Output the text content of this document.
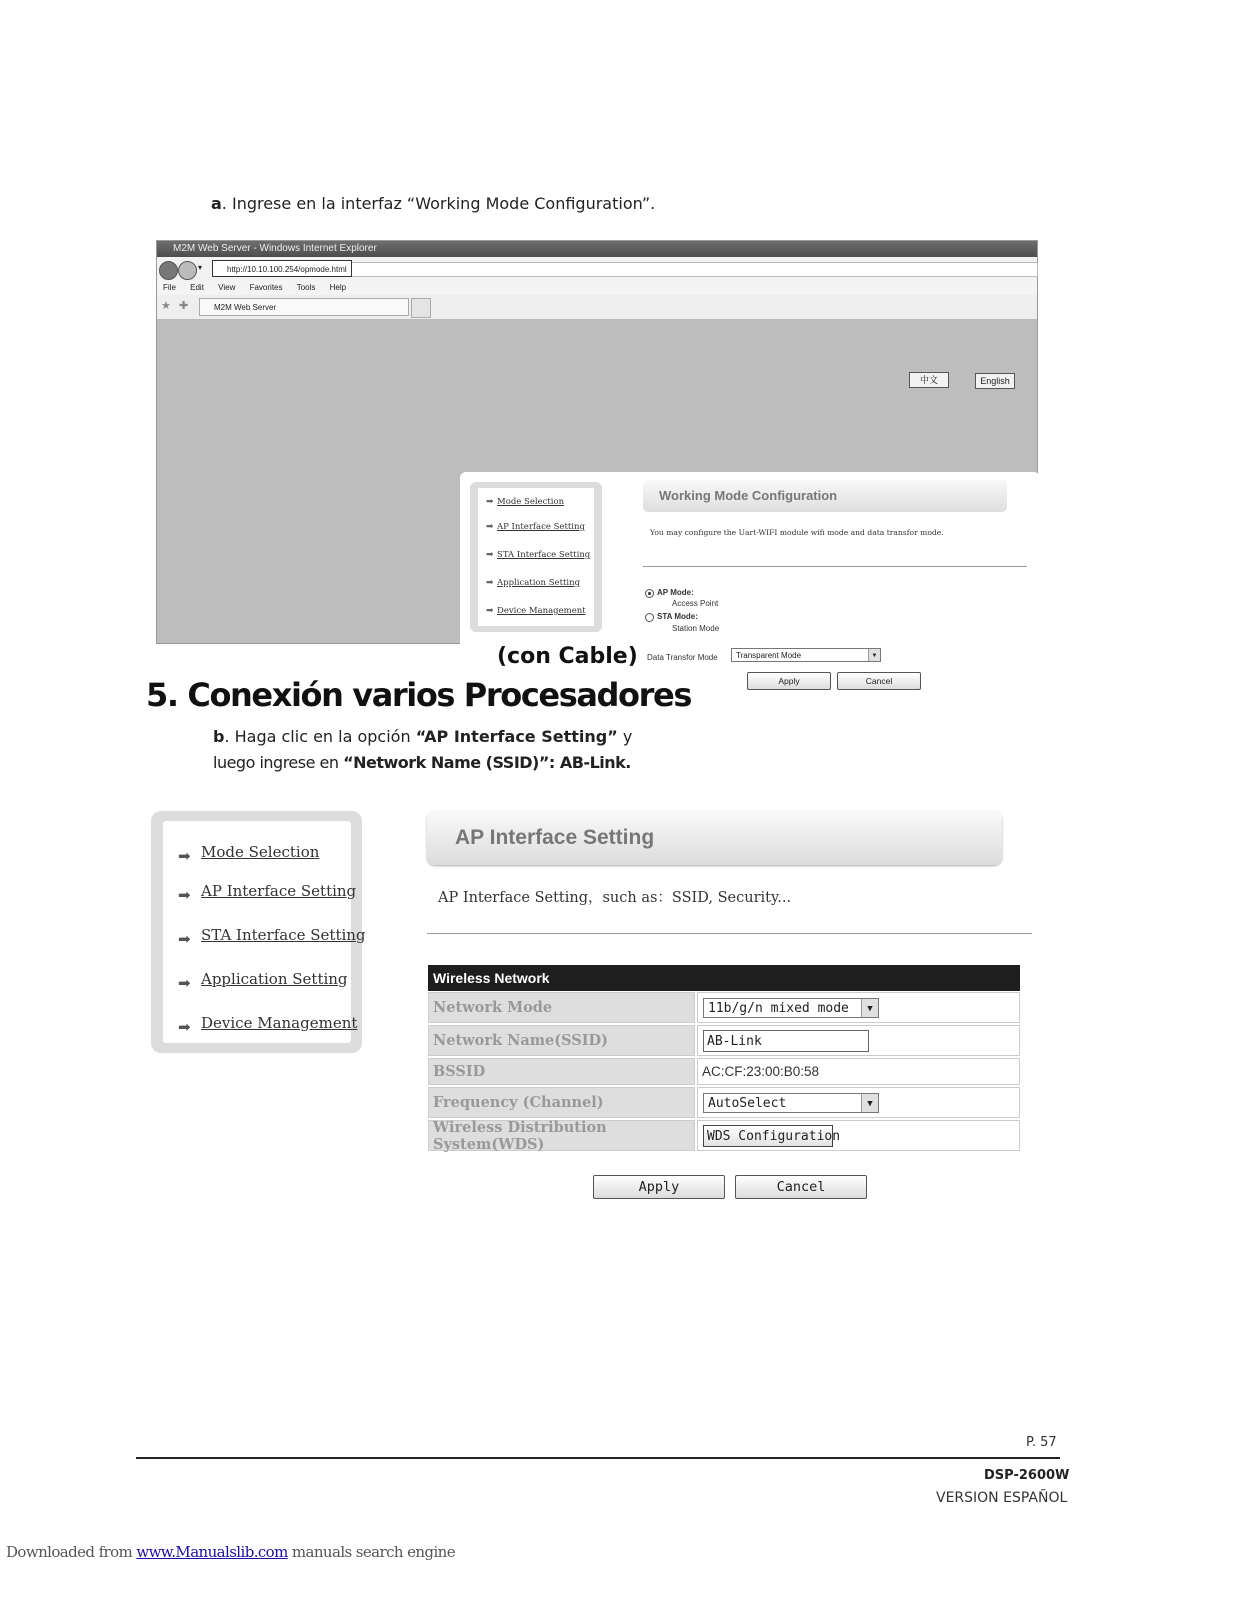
a. Ingrese en la interfaz “Working Mode Configuration”.
M2M Web Server - Windows Internet Explorer
▾	http://10.10.100.254/opmode.html
File Edit View Favorites Tools Help
★ ✚	M2M Web Server
中文	English
➡ Mode Selection
➡ AP Interface Setting
➡ STA Interface Setting
➡ Application Setting
➡ Device Management
Working Mode Configuration
You may configure the Uart-WIFI module wifi mode and data transfor mode.
AP Mode:
Access Point
STA Mode:
Station Mode
Data Transfor Mode	Transparent Mode	▼
Apply	Cancel
(con Cable)
5. Conexión varios Procesadores
b. Haga clic en la opción “AP Interface Setting” y
luego ingrese en “Network Name (SSID)”: AB-Link.
➡ Mode Selection
➡ AP Interface Setting
➡ STA Interface Setting
➡ Application Setting
➡ Device Management
AP Interface Setting
AP Interface Setting，such as：SSID, Security...
Wireless Network
Network Mode	11b/g/n mixed mode	▼
Network Name(SSID)	AB-Link
BSSID	AC:CF:23:00:B0:58
Frequency (Channel)	AutoSelect	▼
Wireless Distribution System(WDS)	WDS Configuration
Apply	Cancel
P. 57
DSP-2600W
VERSION ESPAÑOL
Downloaded from www.Manualslib.com manuals search engine
